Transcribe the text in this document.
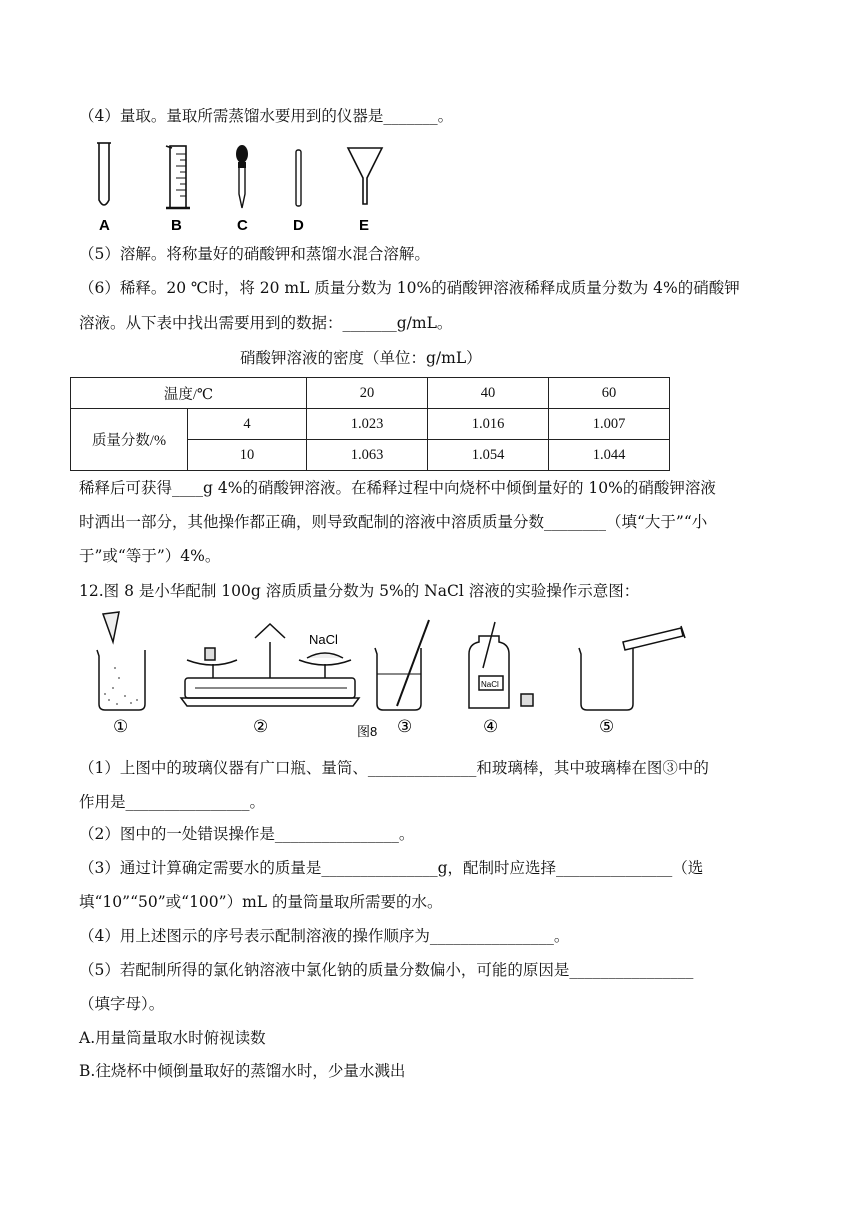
（4）量取。量取所需蒸馏水要用到的仪器是_______。
A	B	C	D	E
（5）溶解。将称量好的硝酸钾和蒸馏水混合溶解。
（6）稀释。20 ℃时，将 20 mL 质量分数为 10%的硝酸钾溶液稀释成质量分数为 4%的硝酸钾
溶液。从下表中找出需要用到的数据：_______g/mL。
硝酸钾溶液的密度（单位：g/mL）
温度/℃		20	40	60
质量分数/%	4	1.023	1.016	1.007
	10	1.063	1.054	1.044
稀释后可获得____g 4%的硝酸钾溶液。在稀释过程中向烧杯中倾倒量好的 10%的硝酸钾溶液
时洒出一部分，其他操作都正确，则导致配制的溶液中溶质质量分数________（填“大于”“小
于”或“等于”）4%。
12.图 8 是小华配制 100g 溶质质量分数为 5%的 NaCl 溶液的实验操作示意图：
NaCl
NaCl
①	②	③
图8	④	⑤
（1）上图中的玻璃仪器有广口瓶、量筒、______________和玻璃棒，其中玻璃棒在图③中的
作用是________________。
（2）图中的一处错误操作是________________。
（3）通过计算确定需要水的质量是_______________g，配制时应选择_______________（选
填“10”“50”或“100”）mL 的量筒量取所需要的水。
（4）用上述图示的序号表示配制溶液的操作顺序为________________。
（5）若配制所得的氯化钠溶液中氯化钠的质量分数偏小，可能的原因是________________
（填字母）。
A.用量筒量取水时俯视读数
B.往烧杯中倾倒量取好的蒸馏水时，少量水溅出
